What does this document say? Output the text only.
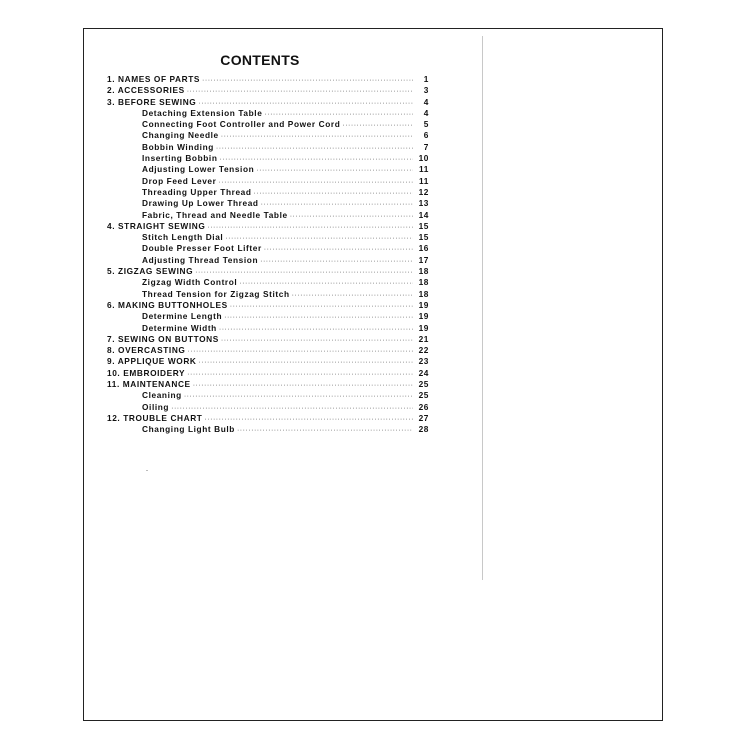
CONTENTS
1. NAMES OF PARTS ·····	1
2. ACCESSORIES ·····	3
3. BEFORE SEWING ·····	4
Detaching Extension Table ·····	4
Connecting Foot Controller and Power Cord ·····	5
Changing Needle ·····	6
Bobbin Winding ·····	7
Inserting Bobbin ·····	10
Adjusting Lower Tension ·····	11
Drop Feed Lever ·····	11
Threading Upper Thread ·····	12
Drawing Up Lower Thread ·····	13
Fabric, Thread and Needle Table ·····	14
4. STRAIGHT SEWING ·····	15
Stitch Length Dial ·····	15
Double Presser Foot Lifter ·····	16
Adjusting Thread Tension ·····	17
5. ZIGZAG SEWING ·····	18
Zigzag Width Control ·····	18
Thread Tension for Zigzag Stitch ·····	18
6. MAKING BUTTONHOLES ·····	19
Determine Length ·····	19
Determine Width ·····	19
7. SEWING ON BUTTONS ·····	21
8. OVERCASTING ·····	22
9. APPLIQUE WORK ·····	23
10. EMBROIDERY ·····	24
11. MAINTENANCE ·····	25
Cleaning ·····	25
Oiling ·····	26
12. TROUBLE CHART ·····	27
Changing Light Bulb ·····	28
